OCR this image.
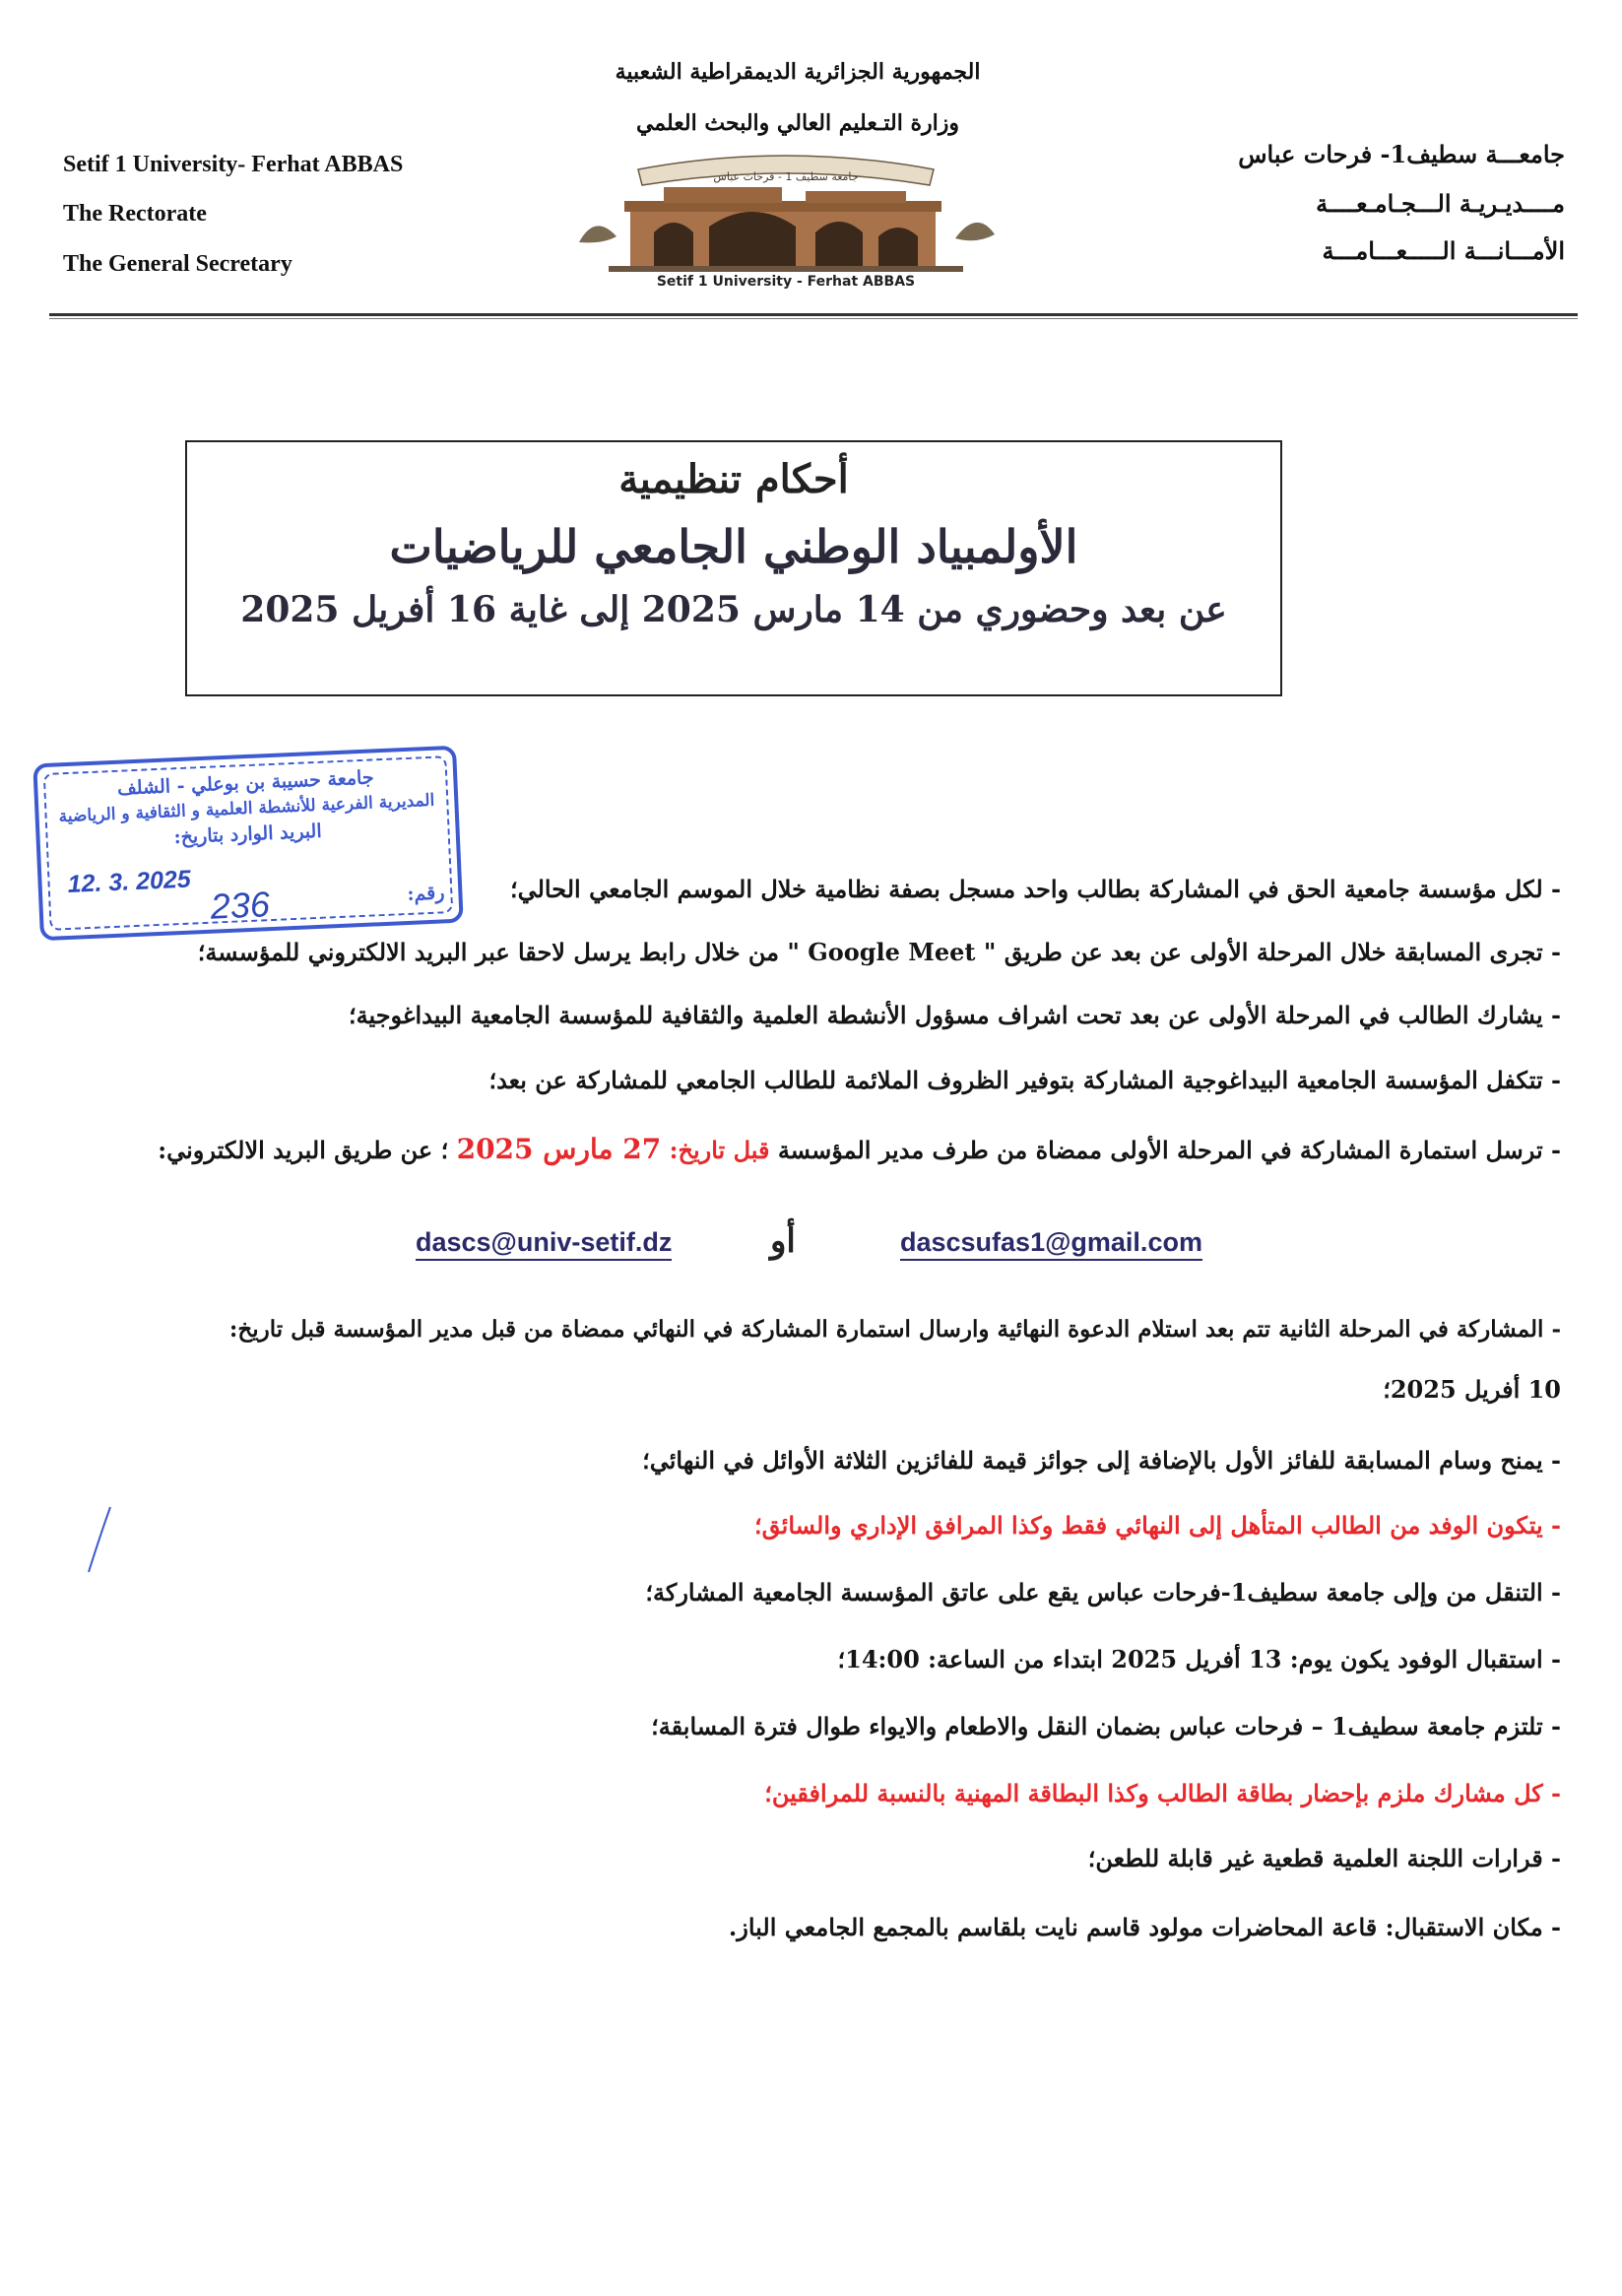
Setif 1 University- Ferhat ABBAS
The Rectorate
The General Secretary
جامعـــة سطيف1- فرحات عباس
مــــديـريـة الـــجـامـعــــة
الأمـــانـــة الـــــعـــامـــة
الجمهورية الجزائرية الديمقراطية الشعبية
وزارة التـعليم العالي والبحث العلمي
جامعة سطيف 1 - فرحات عباس
Setif 1 University - Ferhat ABBAS
أحكام تنظيمية
الأولمبياد الوطني الجامعي للرياضيات
عن بعد وحضوري من 14 مارس 2025 إلى غاية 16 أفريل 2025
جامعة حسيبة بن بوعلي - الشلف
المديرية الفرعية للأنشطة العلمية و الثقافية و الرياضية
البريد الوارد بتاريخ:
2025 .3 .12	رقم:
236	- لكل مؤسسة جامعية الحق في المشاركة بطالب واحد مسجل بصفة نظامية خلال الموسم الجامعي الحالي؛
- تجرى المسابقة خلال المرحلة الأولى عن بعد عن طريق " Google Meet " من خلال رابط يرسل لاحقا عبر البريد الالكتروني للمؤسسة؛
- يشارك الطالب في المرحلة الأولى عن بعد تحت اشراف مسؤول الأنشطة العلمية والثقافية للمؤسسة الجامعية البيداغوجية؛
- تتكفل المؤسسة الجامعية البيداغوجية المشاركة بتوفير الظروف الملائمة للطالب الجامعي للمشاركة عن بعد؛
- ترسل استمارة المشاركة في المرحلة الأولى ممضاة من طرف مدير المؤسسة قبل تاريخ: 27 مارس 2025 ؛ عن طريق البريد الالكتروني:
dascs@univ-setif.dz	أو	dascsufas1@gmail.com
- المشاركة في المرحلة الثانية تتم بعد استلام الدعوة النهائية وارسال استمارة المشاركة في النهائي ممضاة من قبل مدير المؤسسة قبل تاريخ:
10 أفريل 2025؛
- يمنح وسام المسابقة للفائز الأول بالإضافة إلى جوائز قيمة للفائزين الثلاثة الأوائل في النهائي؛
- يتكون الوفد من الطالب المتأهل إلى النهائي فقط وكذا المرافق الإداري والسائق؛
- التنقل من وإلى جامعة سطيف1-فرحات عباس يقع على عاتق المؤسسة الجامعية المشاركة؛
- استقبال الوفود يكون يوم: 13 أفريل 2025 ابتداء من الساعة: 14:00؛
- تلتزم جامعة سطيف1 – فرحات عباس بضمان النقل والاطعام والايواء طوال فترة المسابقة؛
- كل مشارك ملزم بإحضار بطاقة الطالب وكذا البطاقة المهنية بالنسبة للمرافقين؛
- قرارات اللجنة العلمية قطعية غير قابلة للطعن؛
- مكان الاستقبال: قاعة المحاضرات مولود قاسم نايت بلقاسم بالمجمع الجامعي الباز.
